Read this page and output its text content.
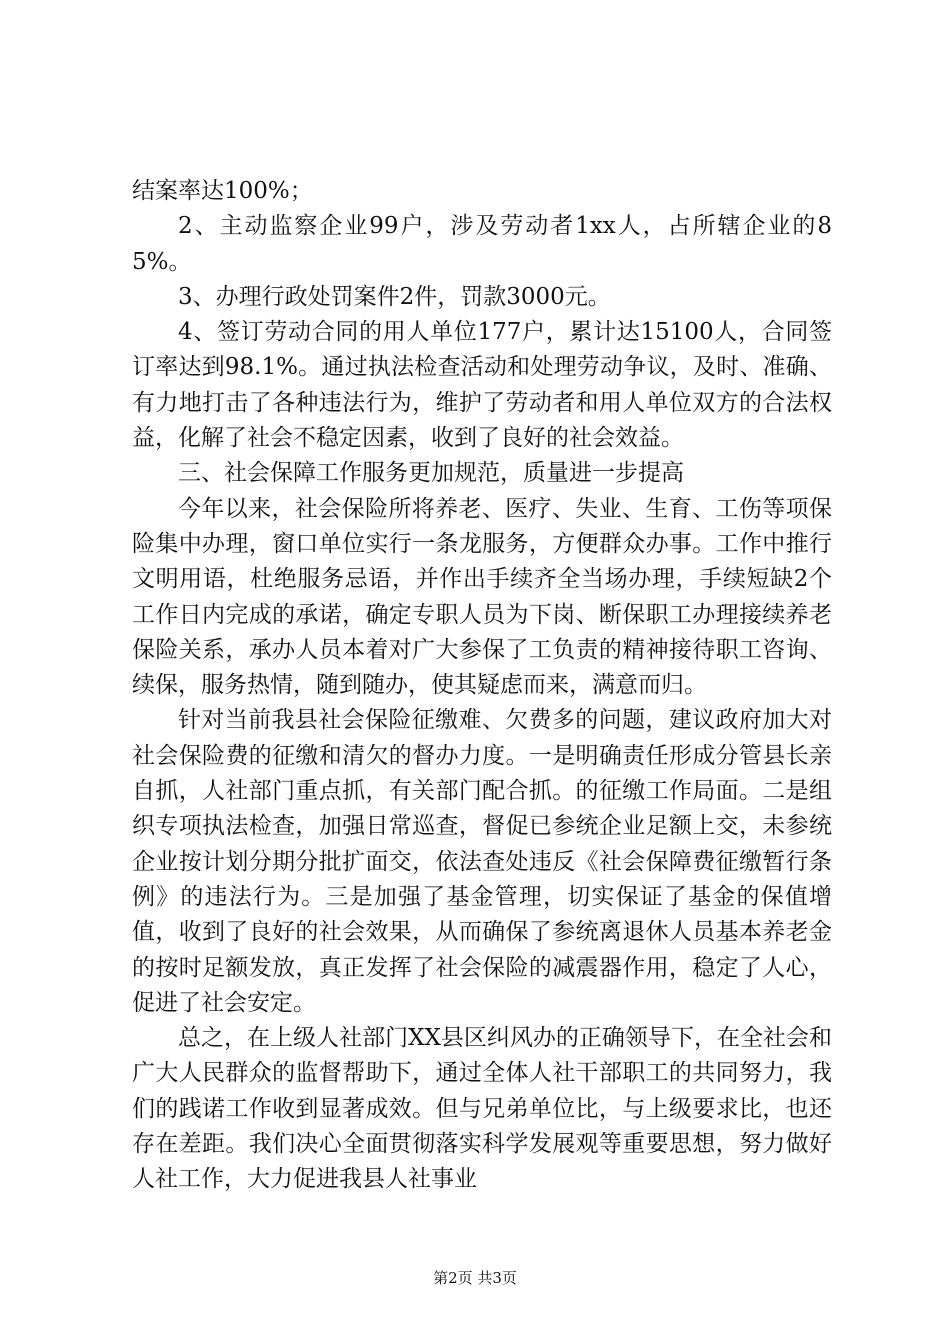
结案率达100%；

2、主动监察企业99户，涉及劳动者1xx人，占所辖企业的85%。

3、办理行政处罚案件2件，罚款3000元。

4、签订劳动合同的用人单位177户，累计达15100人，合同签订率达到98.1%。通过执法检查活动和处理劳动争议，及时、准确、有力地打击了各种违法行为，维护了劳动者和用人单位双方的合法权益，化解了社会不稳定因素，收到了良好的社会效益。

三、社会保障工作服务更加规范，质量进一步提高

今年以来，社会保险所将养老、医疗、失业、生育、工伤等项保险集中办理，窗口单位实行一条龙服务，方便群众办事。工作中推行文明用语，杜绝服务忌语，并作出手续齐全当场办理，手续短缺2个工作日内完成的承诺，确定专职人员为下岗、断保职工办理接续养老保险关系，承办人员本着对广大参保了工负责的精神接待职工咨询、续保，服务热情，随到随办，使其疑虑而来，满意而归。

针对当前我县社会保险征缴难、欠费多的问题，建议政府加大对社会保险费的征缴和清欠的督办力度。一是明确责任形成分管县长亲自抓，人社部门重点抓，有关部门配合抓。的征缴工作局面。二是组织专项执法检查，加强日常巡查，督促已参统企业足额上交，未参统企业按计划分期分批扩面交，依法查处违反《社会保障费征缴暂行条例》的违法行为。三是加强了基金管理，切实保证了基金的保值增值，收到了良好的社会效果，从而确保了参统离退休人员基本养老金的按时足额发放，真正发挥了社会保险的减震器作用，稳定了人心，促进了社会安定。

总之，在上级人社部门XX县区纠风办的正确领导下，在全社会和广大人民群众的监督帮助下，通过全体人社干部职工的共同努力，我们的践诺工作收到显著成效。但与兄弟单位比，与上级要求比，也还存在差距。我们决心全面贯彻落实科学发展观等重要思想，努力做好人社工作，大力促进我县人社事业

第2页 共3页
